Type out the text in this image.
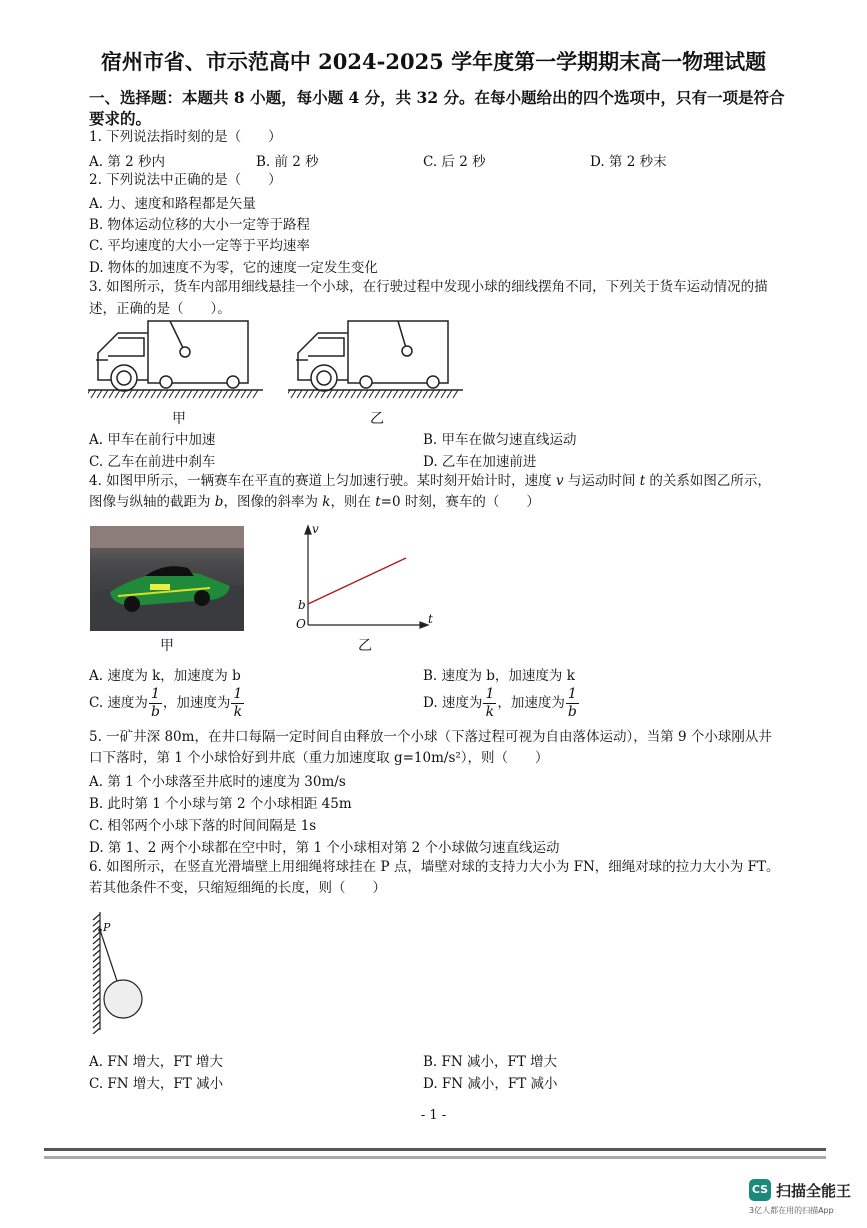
宿州市省、市示范高中 2024-2025 学年度第一学期期末高一物理试题
一、选择题：本题共 8 小题，每小题 4 分，共 32 分。在每小题给出的四个选项中，只有一项是符合
要求的。
1. 下列说法指时刻的是（　　）
A. 第 2 秒内	B. 前 2 秒	C. 后 2 秒	D. 第 2 秒末
2. 下列说法中正确的是（　　）
A. 力、速度和路程都是矢量
B. 物体运动位移的大小一定等于路程
C. 平均速度的大小一定等于平均速率
D. 物体的加速度不为零，它的速度一定发生变化
3. 如图所示，货车内部用细线悬挂一个小球，在行驶过程中发现小球的细线摆角不同，下列关于货车运动情况的描
述，正确的是（　　）。
甲	乙
A. 甲车在前行中加速	B. 甲车在做匀速直线运动
C. 乙车在前进中刹车	D. 乙车在加速前进
4. 如图甲所示，一辆赛车在平直的赛道上匀加速行驶。某时刻开始计时，速度 v 与运动时间 t 的关系如图乙所示，
图像与纵轴的截距为 b，图像的斜率为 k，则在 t=0 时刻，赛车的（　　）
甲
v
t
O
b
乙
A. 速度为 k，加速度为 b	B. 速度为 b，加速度为 k
C. 速度为 $\frac{1}{b}$ ，加速度为 $\frac{1}{k}$	D. 速度为 $\frac{1}{k}$ ，加速度为 $\frac{1}{b}$
5. 一矿井深 80m，在井口每隔一定时间自由释放一个小球（下落过程可视为自由落体运动），当第 9 个小球刚从井
口下落时，第 1 个小球恰好到井底（重力加速度取 g=10m/s²），则（　　）
A. 第 1 个小球落至井底时的速度为 30m/s
B. 此时第 1 个小球与第 2 个小球相距 45m
C. 相邻两个小球下落的时间间隔是 1s
D. 第 1、2 两个小球都在空中时，第 1 个小球相对第 2 个小球做匀速直线运动
6. 如图所示，在竖直光滑墙壁上用细绳将球挂在 P 点，墙壁对球的支持力大小为 FN，细绳对球的拉力大小为 FT。
若其他条件不变，只缩短细绳的长度，则（　　）
P
A. FN 增大，FT 增大	B. FN 减小，FT 增大
C. FN 增大，FT 减小	D. FN 减小，FT 减小
- 1 -
CS 扫描全能王
3亿人都在用的扫描App
